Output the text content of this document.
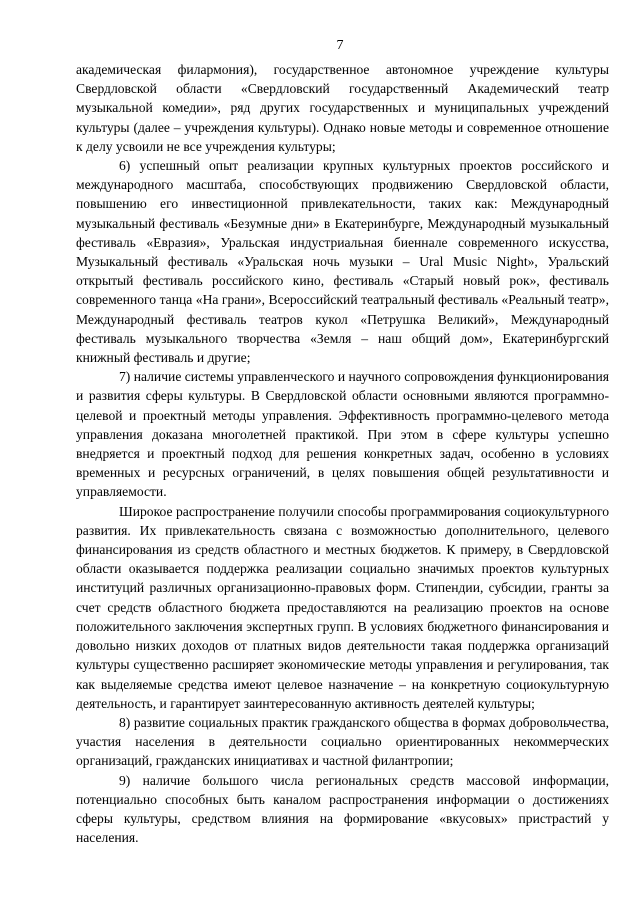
7

академическая филармония), государственное автономное учреждение культуры Свердловской области «Свердловский государственный Академический театр музыкальной комедии», ряд других государственных и муниципальных учреждений культуры (далее – учреждения культуры). Однако новые методы и современное отношение к делу усвоили не все учреждения культуры;

6) успешный опыт реализации крупных культурных проектов российского и международного масштаба, способствующих продвижению Свердловской области, повышению его инвестиционной привлекательности, таких как: Международный музыкальный фестиваль «Безумные дни» в Екатеринбурге, Международный музыкальный фестиваль «Евразия», Уральская индустриальная биеннале современного искусства, Музыкальный фестиваль «Уральская ночь музыки – Ural Music Night», Уральский открытый фестиваль российского кино, фестиваль «Старый новый рок», фестиваль современного танца «На грани», Всероссийский театральный фестиваль «Реальный театр», Международный фестиваль театров кукол «Петрушка Великий», Международный фестиваль музыкального творчества «Земля – наш общий дом», Екатеринбургский книжный фестиваль и другие;

7) наличие системы управленческого и научного сопровождения функционирования и развития сферы культуры. В Свердловской области основными являются программно-целевой и проектный методы управления. Эффективность программно-целевого метода управления доказана многолетней практикой. При этом в сфере культуры успешно внедряется и проектный подход для решения конкретных задач, особенно в условиях временных и ресурсных ограничений, в целях повышения общей результативности и управляемости.

Широкое распространение получили способы программирования социокультурного развития. Их привлекательность связана с возможностью дополнительного, целевого финансирования из средств областного и местных бюджетов. К примеру, в Свердловской области оказывается поддержка реализации социально значимых проектов культурных институций различных организационно-правовых форм. Стипендии, субсидии, гранты за счет средств областного бюджета предоставляются на реализацию проектов на основе положительного заключения экспертных групп. В условиях бюджетного финансирования и довольно низких доходов от платных видов деятельности такая поддержка организаций культуры существенно расширяет экономические методы управления и регулирования, так как выделяемые средства имеют целевое назначение – на конкретную социокультурную деятельность, и гарантирует заинтересованную активность деятелей культуры;

8) развитие социальных практик гражданского общества в формах добровольчества, участия населения в деятельности социально ориентированных некоммерческих организаций, гражданских инициативах и частной филантропии;

9) наличие большого числа региональных средств массовой информации, потенциально способных быть каналом распространения информации о достижениях сферы культуры, средством влияния на формирование «вкусовых» пристрастий у населения.
